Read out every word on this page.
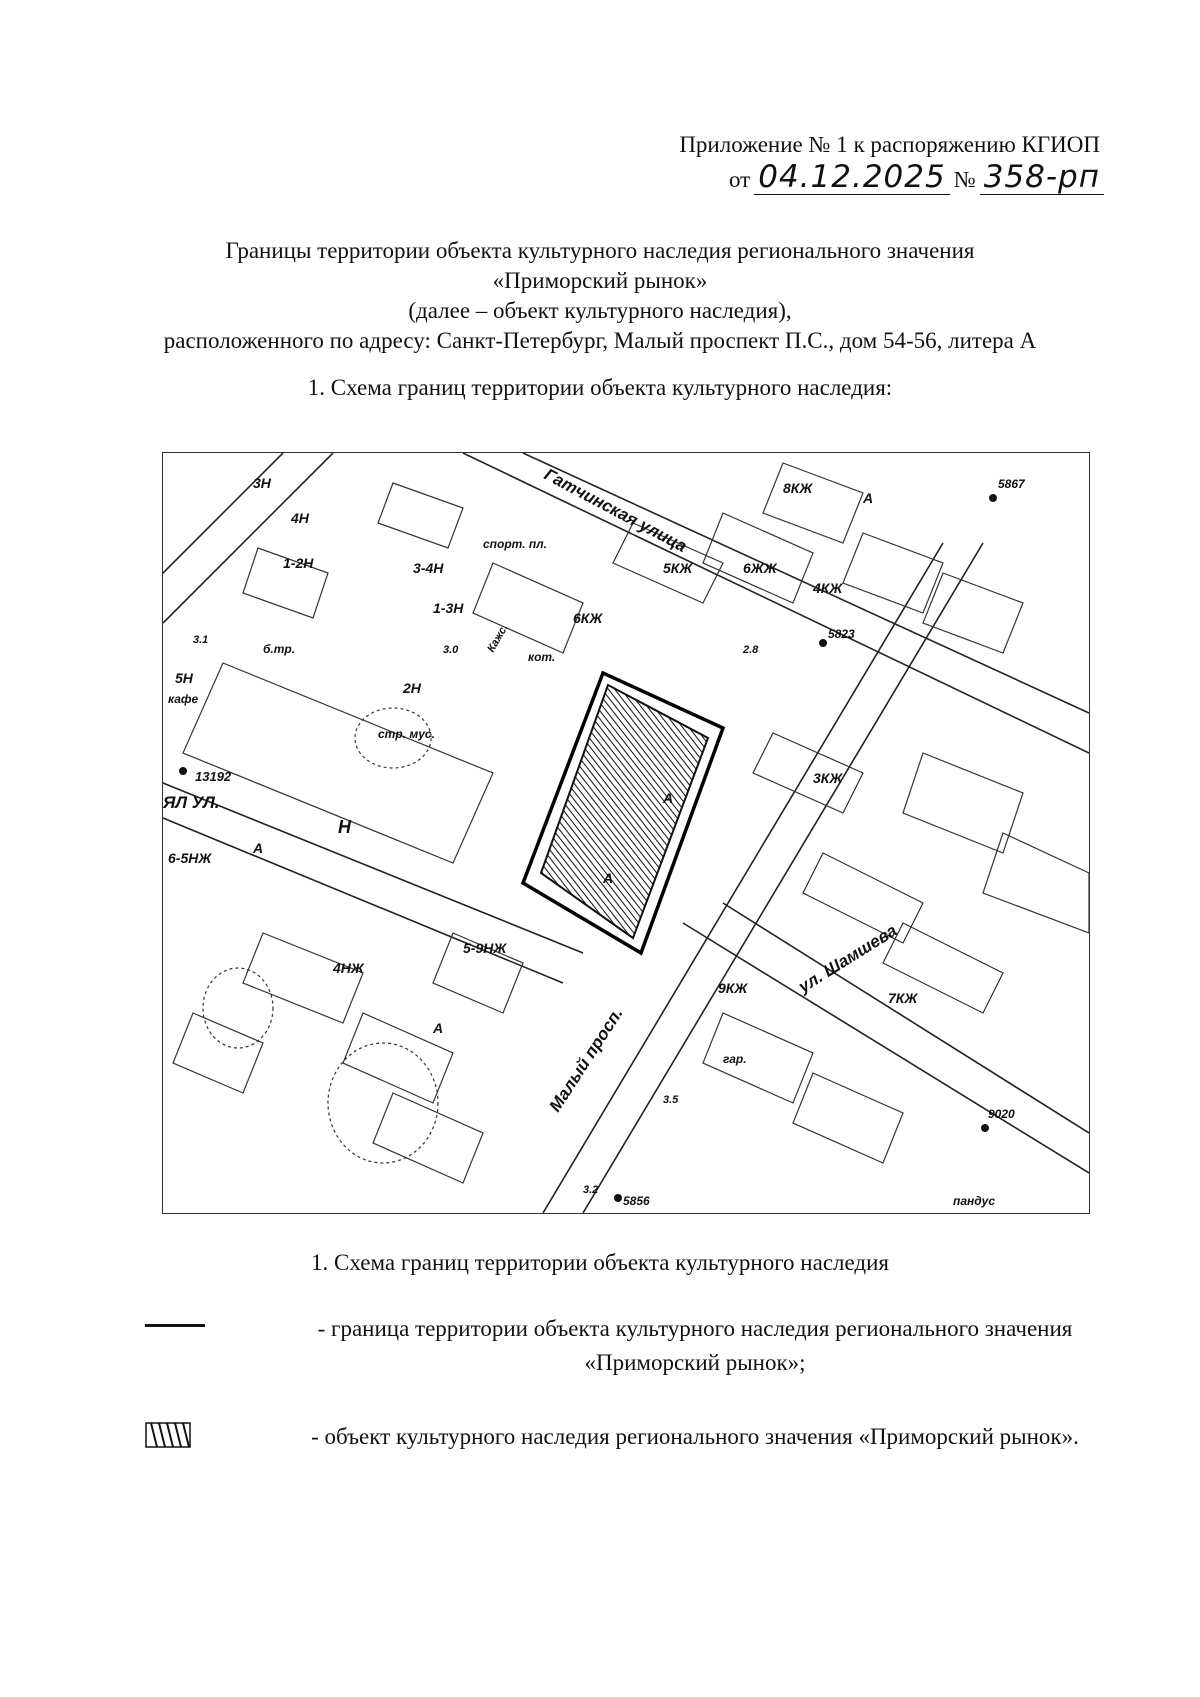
Приложение № 1 к распоряжению КГИОП
от 04.12.2025 № 358-рп
Границы территории объекта культурного наследия регионального значения
«Приморский рынок»
(далее – объект культурного наследия),
расположенного по адресу: Санкт-Петербург, Малый проспект П.С., дом 54-56, литера А
1. Схема границ территории объекта культурного наследия:
H
4H
5H
2H
3H
1-2H	3-4H
1-3H
5КЖ
6КЖ
8КЖ
4КЖ
7КЖ
9КЖ
3КЖ
6ЖЖ
5-9НЖ
6-5НЖ
4НЖ
13192
5867
5856
9020
5823
кот.
б.тр.
гар.
спорт. пл.
стр. мус.
кафе
пандус
ул. Шамшева
Малый просп.
Гатчинская улица
ЯЛ УЛ.
Кажс.	2.8
3.0
3.1
3.2
3.5
A
A
A
A
A
1. Схема границ территории объекта культурного наследия
- граница территории объекта культурного наследия регионального значения
«Приморский рынок»;
- объект культурного наследия регионального значения «Приморский рынок».
